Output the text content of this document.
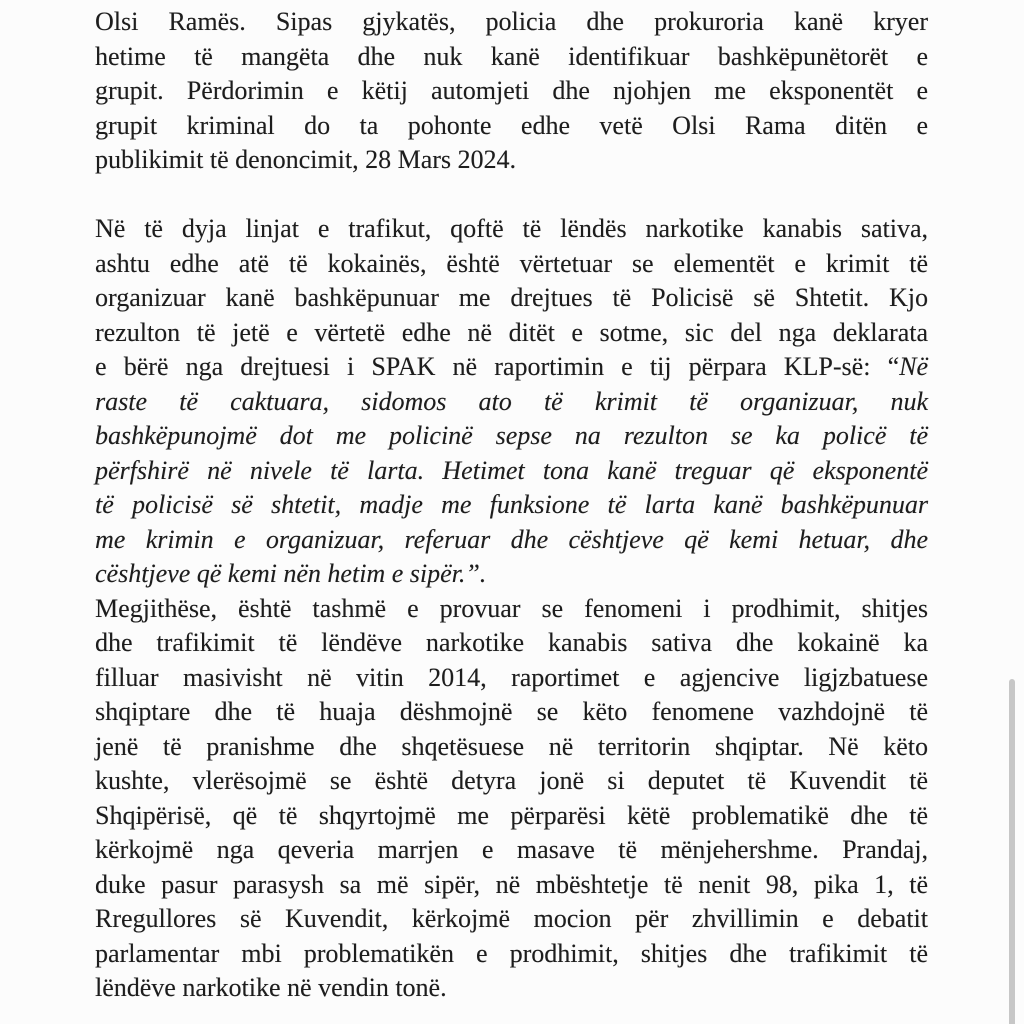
Olsi Ramës. Sipas gjykatës, policia dhe prokuroria kanë kryer
hetime të mangëta dhe nuk kanë identifikuar bashkëpunëtorët e
grupit. Përdorimin e këtij automjeti dhe njohjen me eksponentët e
grupit kriminal do ta pohonte edhe vetë Olsi Rama ditën e
publikimit të denoncimit, 28 Mars 2024.
Në të dyja linjat e trafikut, qoftë të lëndës narkotike kanabis sativa,
ashtu edhe atë të kokainës, është vërtetuar se elementët e krimit të
organizuar kanë bashkëpunuar me drejtues të Policisë së Shtetit. Kjo
rezulton të jetë e vërtetë edhe në ditët e sotme, sic del nga deklarata
e bërë nga drejtuesi i SPAK në raportimin e tij përpara KLP-së: “Në
raste të caktuara, sidomos ato të krimit të organizuar, nuk
bashkëpunojmë dot me policinë sepse na rezulton se ka policë të
përfshirë në nivele të larta. Hetimet tona kanë treguar që eksponentë
të policisë së shtetit, madje me funksione të larta kanë bashkëpunuar
me krimin e organizuar, referuar dhe cështjeve që kemi hetuar, dhe
cështjeve që kemi nën hetim e sipër.”.
Megjithëse, është tashmë e provuar se fenomeni i prodhimit, shitjes
dhe trafikimit të lëndëve narkotike kanabis sativa dhe kokainë ka
filluar masivisht në vitin 2014, raportimet e agjencive ligjzbatuese
shqiptare dhe të huaja dëshmojnë se këto fenomene vazhdojnë të
jenë të pranishme dhe shqetësuese në territorin shqiptar. Në këto
kushte, vlerësojmë se është detyra jonë si deputet të Kuvendit të
Shqipërisë, që të shqyrtojmë me përparësi këtë problematikë dhe të
kërkojmë nga qeveria marrjen e masave të mënjehershme. Prandaj,
duke pasur parasysh sa më sipër, në mbështetje të nenit 98, pika 1, të
Rregullores së Kuvendit, kërkojmë mocion për zhvillimin e debatit
parlamentar mbi problematikën e prodhimit, shitjes dhe trafikimit të
lëndëve narkotike në vendin tonë.
